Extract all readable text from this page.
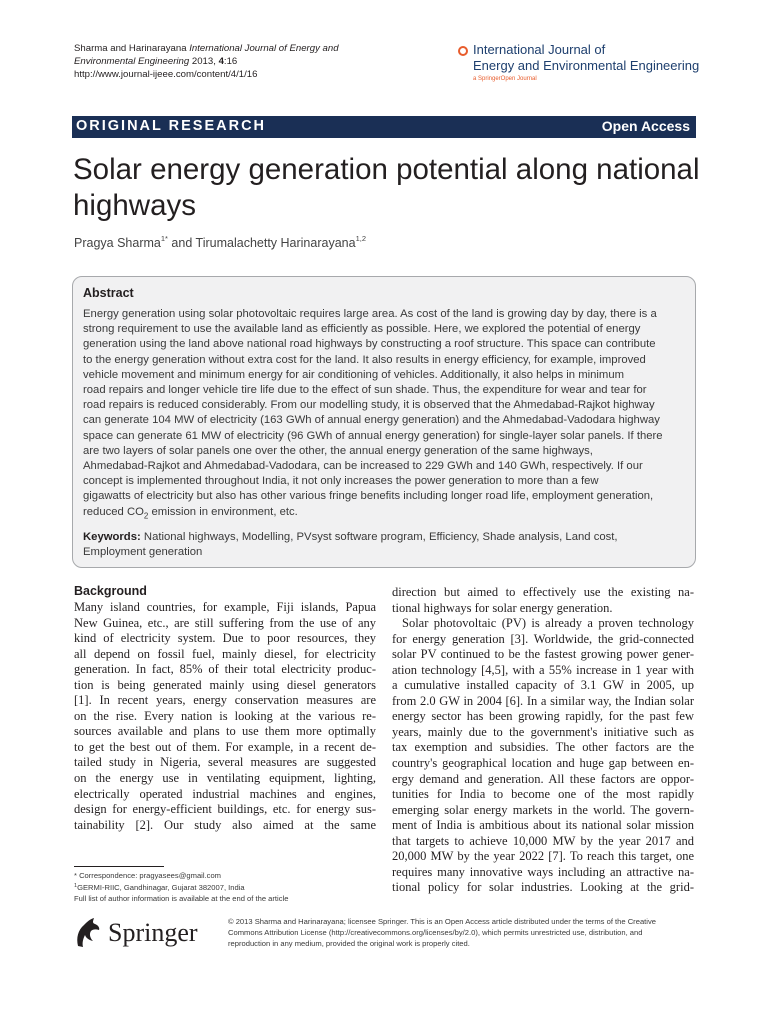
Sharma and Harinarayana International Journal of Energy and
Environmental Engineering 2013, 4:16
http://www.journal-ijeee.com/content/4/1/16
International Journal of
Energy and Environmental Engineering
a SpringerOpen Journal
ORIGINAL RESEARCH	Open Access
Solar energy generation potential along national
highways
Pragya Sharma$^{1*}$ and Tirumalachetty Harinarayana$^{1,2}$
Abstract
Energy generation using solar photovoltaic requires large area. As cost of the land is growing day by day, there is a
strong requirement to use the available land as efficiently as possible. Here, we explored the potential of energy
generation using the land above national road highways by constructing a roof structure. This space can contribute
to the energy generation without extra cost for the land. It also results in energy efficiency, for example, improved
vehicle movement and minimum energy for air conditioning of vehicles. Additionally, it also helps in minimum
road repairs and longer vehicle tire life due to the effect of sun shade. Thus, the expenditure for wear and tear for
road repairs is reduced considerably. From our modelling study, it is observed that the Ahmedabad-Rajkot highway
can generate 104 MW of electricity (163 GWh of annual energy generation) and the Ahmedabad-Vadodara highway
space can generate 61 MW of electricity (96 GWh of annual energy generation) for single-layer solar panels. If there
are two layers of solar panels one over the other, the annual energy generation of the same highways,
Ahmedabad-Rajkot and Ahmedabad-Vadodara, can be increased to 229 GWh and 140 GWh, respectively. If our
concept is implemented throughout India, it not only increases the power generation to more than a few
gigawatts of electricity but also has other various fringe benefits including longer road life, employment generation,
reduced $CO_2$ emission in environment, etc.
Keywords: National highways, Modelling, PVsyst software program, Efficiency, Shade analysis, Land cost,
Employment generation
Background
Many island countries, for example, Fiji islands, Papua
New Guinea, etc., are still suffering from the use of any
kind of electricity system. Due to poor resources, they
all depend on fossil fuel, mainly diesel, for electricity
generation. In fact, 85% of their total electricity produc-
tion is being generated mainly using diesel generators
[1]. In recent years, energy conservation measures are
on the rise. Every nation is looking at the various re-
sources available and plans to use them more optimally
to get the best out of them. For example, in a recent de-
tailed study in Nigeria, several measures are suggested
on the energy use in ventilating equipment, lighting,
electrically operated industrial machines and engines,
design for energy-efficient buildings, etc. for energy sus-
tainability [2]. Our study also aimed at the same
direction but aimed to effectively use the existing na-
tional highways for solar energy generation.
Solar photovoltaic (PV) is already a proven technology
for energy generation [3]. Worldwide, the grid-connected
solar PV continued to be the fastest growing power gener-
ation technology [4,5], with a 55% increase in 1 year with
a cumulative installed capacity of 3.1 GW in 2005, up
from 2.0 GW in 2004 [6]. In a similar way, the Indian solar
energy sector has been growing rapidly, for the past few
years, mainly due to the government's initiative such as
tax exemption and subsidies. The other factors are the
country's geographical location and huge gap between en-
ergy demand and generation. All these factors are oppor-
tunities for India to become one of the most rapidly
emerging solar energy markets in the world. The govern-
ment of India is ambitious about its national solar mission
that targets to achieve 10,000 MW by the year 2017 and
20,000 MW by the year 2022 [7]. To reach this target, one
requires many innovative ways including an attractive na-
tional policy for solar industries. Looking at the grid-
* Correspondence: pragyasees@gmail.com
$^1$GERMI-RIIC, Gandhinagar, Gujarat 382007, India
Full list of author information is available at the end of the article
Springer	© 2013 Sharma and Harinarayana; licensee Springer. This is an Open Access article distributed under the terms of the Creative
Commons Attribution License (http://creativecommons.org/licenses/by/2.0), which permits unrestricted use, distribution, and
reproduction in any medium, provided the original work is properly cited.
